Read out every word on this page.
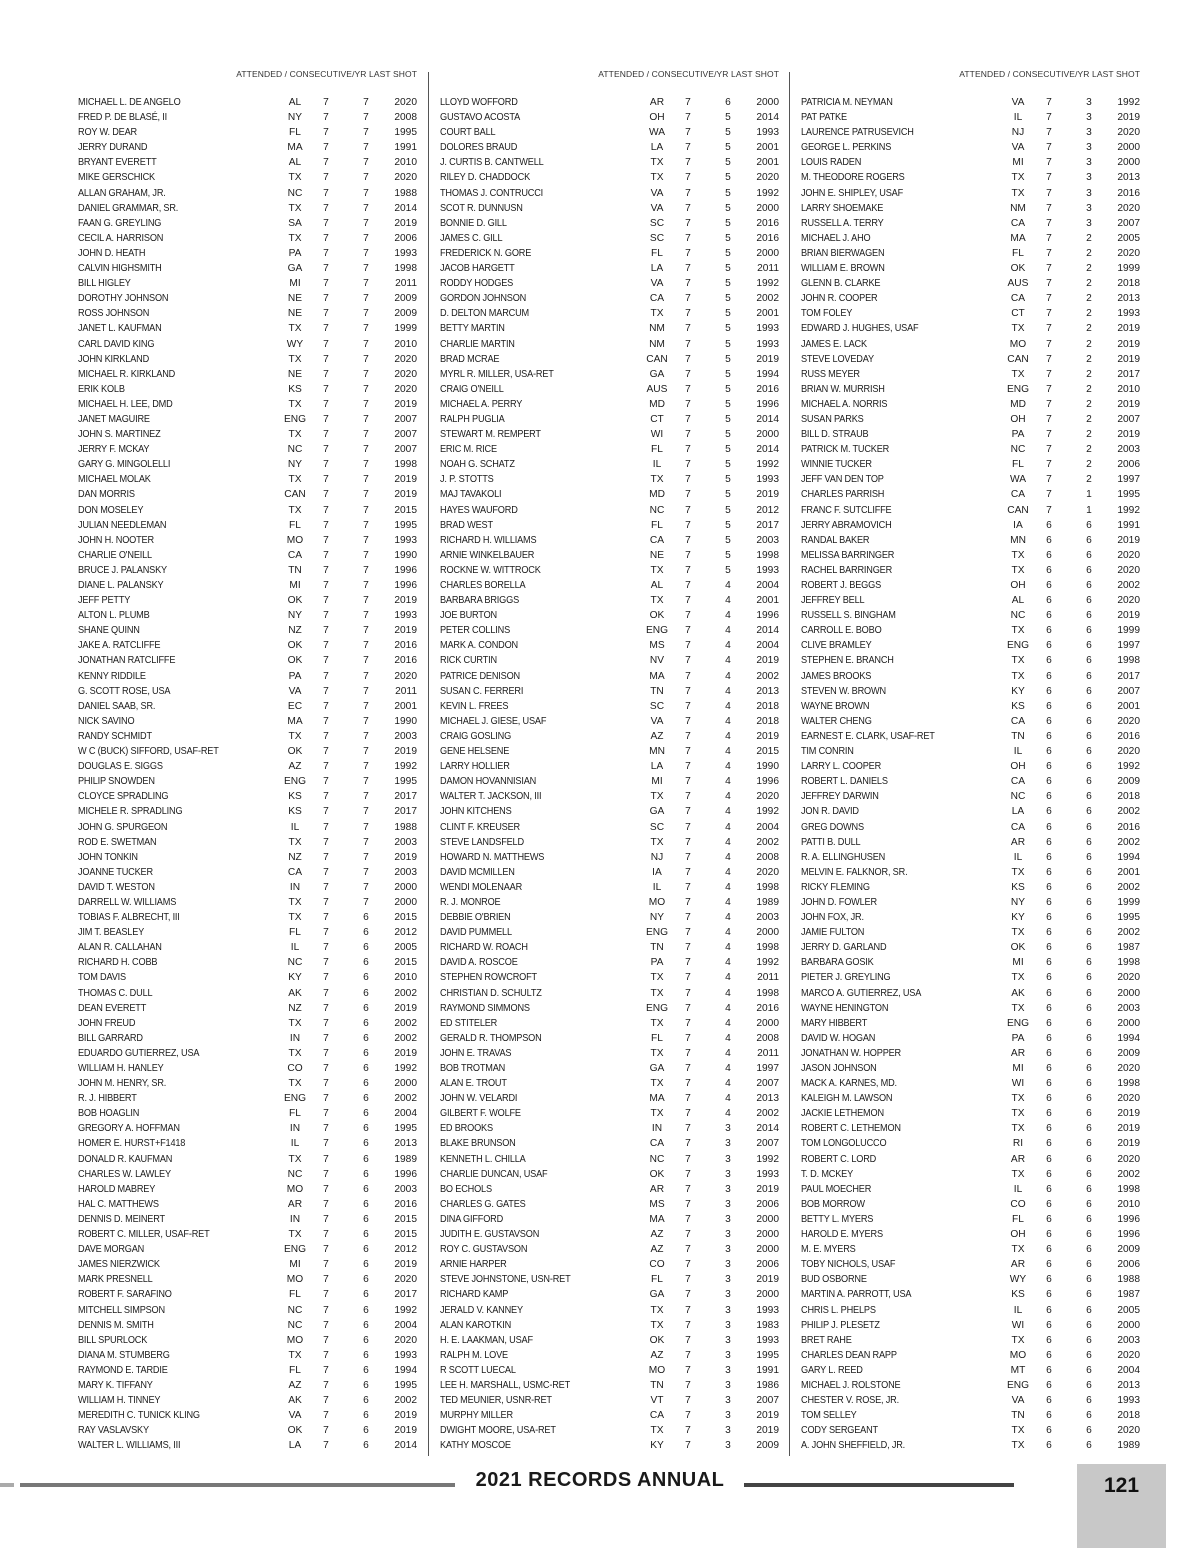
ATTENDED / CONSECUTIVE/YR LAST SHOT
MICHAEL L. DE ANGELO	AL	7	7	2020
FRED P. DE BLASÉ, II	NY	7	7	2008
ROY W. DEAR	FL	7	7	1995
JERRY DURAND	MA	7	7	1991
BRYANT EVERETT	AL	7	7	2010
MIKE GERSCHICK	TX	7	7	2020
ALLAN GRAHAM, JR.	NC	7	7	1988
DANIEL GRAMMAR, SR.	TX	7	7	2014
FAAN G. GREYLING	SA	7	7	2019
CECIL A. HARRISON	TX	7	7	2006
JOHN D. HEATH	PA	7	7	1993
CALVIN HIGHSMITH	GA	7	7	1998
BILL HIGLEY	MI	7	7	2011
DOROTHY JOHNSON	NE	7	7	2009
ROSS JOHNSON	NE	7	7	2009
JANET L. KAUFMAN	TX	7	7	1999
CARL DAVID KING	WY	7	7	2010
JOHN KIRKLAND	TX	7	7	2020
MICHAEL R. KIRKLAND	NE	7	7	2020
ERIK KOLB	KS	7	7	2020
MICHAEL H. LEE, DMD	TX	7	7	2019
JANET MAGUIRE	ENG	7	7	2007
JOHN S. MARTINEZ	TX	7	7	2007
JERRY F. MCKAY	NC	7	7	2007
GARY G. MINGOLELLI	NY	7	7	1998
MICHAEL MOLAK	TX	7	7	2019
DAN MORRIS	CAN	7	7	2019
DON MOSELEY	TX	7	7	2015
JULIAN NEEDLEMAN	FL	7	7	1995
JOHN H. NOOTER	MO	7	7	1993
CHARLIE O'NEILL	CA	7	7	1990
BRUCE J. PALANSKY	TN	7	7	1996
DIANE L. PALANSKY	MI	7	7	1996
JEFF PETTY	OK	7	7	2019
ALTON L. PLUMB	NY	7	7	1993
SHANE QUINN	NZ	7	7	2019
JAKE A. RATCLIFFE	OK	7	7	2016
JONATHAN RATCLIFFE	OK	7	7	2016
KENNY RIDDILE	PA	7	7	2020
G. SCOTT ROSE, USA	VA	7	7	2011
DANIEL SAAB, SR.	EC	7	7	2001
NICK SAVINO	MA	7	7	1990
RANDY SCHMIDT	TX	7	7	2003
W C (BUCK) SIFFORD, USAF-RET	OK	7	7	2019
DOUGLAS E. SIGGS	AZ	7	7	1992
PHILIP SNOWDEN	ENG	7	7	1995
CLOYCE SPRADLING	KS	7	7	2017
MICHELE R. SPRADLING	KS	7	7	2017
JOHN G. SPURGEON	IL	7	7	1988
ROD E. SWETMAN	TX	7	7	2003
JOHN TONKIN	NZ	7	7	2019
JOANNE TUCKER	CA	7	7	2003
DAVID T. WESTON	IN	7	7	2000
DARRELL W. WILLIAMS	TX	7	7	2000
TOBIAS F. ALBRECHT, III	TX	7	6	2015
JIM T. BEASLEY	FL	7	6	2012
ALAN R. CALLAHAN	IL	7	6	2005
RICHARD H. COBB	NC	7	6	2015
TOM DAVIS	KY	7	6	2010
THOMAS C. DULL	AK	7	6	2002
DEAN EVERETT	NZ	7	6	2019
JOHN FREUD	TX	7	6	2002
BILL GARRARD	IN	7	6	2002
EDUARDO GUTIERREZ, USA	TX	7	6	2019
WILLIAM H. HANLEY	CO	7	6	1992
JOHN M. HENRY, SR.	TX	7	6	2000
R. J. HIBBERT	ENG	7	6	2002
BOB HOAGLIN	FL	7	6	2004
GREGORY A. HOFFMAN	IN	7	6	1995
HOMER E. HURST+F1418	IL	7	6	2013
DONALD R. KAUFMAN	TX	7	6	1989
CHARLES W. LAWLEY	NC	7	6	1996
HAROLD MABREY	MO	7	6	2003
HAL C. MATTHEWS	AR	7	6	2016
DENNIS D. MEINERT	IN	7	6	2015
ROBERT C. MILLER, USAF-RET	TX	7	6	2015
DAVE MORGAN	ENG	7	6	2012
JAMES NIERZWICK	MI	7	6	2019
MARK PRESNELL	MO	7	6	2020
ROBERT F. SARAFINO	FL	7	6	2017
MITCHELL SIMPSON	NC	7	6	1992
DENNIS M. SMITH	NC	7	6	2004
BILL SPURLOCK	MO	7	6	2020
DIANA M. STUMBERG	TX	7	6	1993
RAYMOND E. TARDIE	FL	7	6	1994
MARY K. TIFFANY	AZ	7	6	1995
WILLIAM H. TINNEY	AK	7	6	2002
MEREDITH C. TUNICK KLING	VA	7	6	2019
RAY VASLAVSKY	OK	7	6	2019
WALTER L. WILLIAMS, III	LA	7	6	2014
ATTENDED / CONSECUTIVE/YR LAST SHOT
LLOYD WOFFORD	AR	7	6	2000
GUSTAVO ACOSTA	OH	7	5	2014
COURT BALL	WA	7	5	1993
DOLORES BRAUD	LA	7	5	2001
J. CURTIS B. CANTWELL	TX	7	5	2001
RILEY D. CHADDOCK	TX	7	5	2020
THOMAS J. CONTRUCCI	VA	7	5	1992
SCOT R. DUNNUSN	VA	7	5	2000
BONNIE D. GILL	SC	7	5	2016
JAMES C. GILL	SC	7	5	2016
FREDERICK N. GORE	FL	7	5	2000
JACOB HARGETT	LA	7	5	2011
RODDY HODGES	VA	7	5	1992
GORDON JOHNSON	CA	7	5	2002
D. DELTON MARCUM	TX	7	5	2001
BETTY MARTIN	NM	7	5	1993
CHARLIE MARTIN	NM	7	5	1993
BRAD MCRAE	CAN	7	5	2019
MYRL R. MILLER, USA-RET	GA	7	5	1994
CRAIG O'NEILL	AUS	7	5	2016
MICHAEL A. PERRY	MD	7	5	1996
RALPH PUGLIA	CT	7	5	2014
STEWART M. REMPERT	WI	7	5	2000
ERIC M. RICE	FL	7	5	2014
NOAH G. SCHATZ	IL	7	5	1992
J. P. STOTTS	TX	7	5	1993
MAJ TAVAKOLI	MD	7	5	2019
HAYES WAUFORD	NC	7	5	2012
BRAD WEST	FL	7	5	2017
RICHARD H. WILLIAMS	CA	7	5	2003
ARNIE WINKELBAUER	NE	7	5	1998
ROCKNE W. WITTROCK	TX	7	5	1993
CHARLES BORELLA	AL	7	4	2004
BARBARA BRIGGS	TX	7	4	2001
JOE BURTON	OK	7	4	1996
PETER COLLINS	ENG	7	4	2014
MARK A. CONDON	MS	7	4	2004
RICK CURTIN	NV	7	4	2019
PATRICE DENISON	MA	7	4	2002
SUSAN C. FERRERI	TN	7	4	2013
KEVIN L. FREES	SC	7	4	2018
MICHAEL J. GIESE, USAF	VA	7	4	2018
CRAIG GOSLING	AZ	7	4	2019
GENE HELSENE	MN	7	4	2015
LARRY HOLLIER	LA	7	4	1990
DAMON HOVANNISIAN	MI	7	4	1996
WALTER T. JACKSON, III	TX	7	4	2020
JOHN KITCHENS	GA	7	4	1992
CLINT F. KREUSER	SC	7	4	2004
STEVE LANDSFELD	TX	7	4	2002
HOWARD N. MATTHEWS	NJ	7	4	2008
DAVID MCMILLEN	IA	7	4	2020
WENDI MOLENAAR	IL	7	4	1998
R. J. MONROE	MO	7	4	1989
DEBBIE O'BRIEN	NY	7	4	2003
DAVID PUMMELL	ENG	7	4	2000
RICHARD W. ROACH	TN	7	4	1998
DAVID A. ROSCOE	PA	7	4	1992
STEPHEN ROWCROFT	TX	7	4	2011
CHRISTIAN D. SCHULTZ	TX	7	4	1998
RAYMOND SIMMONS	ENG	7	4	2016
ED STITELER	TX	7	4	2000
GERALD R. THOMPSON	FL	7	4	2008
JOHN E. TRAVAS	TX	7	4	2011
BOB TROTMAN	GA	7	4	1997
ALAN E. TROUT	TX	7	4	2007
JOHN W. VELARDI	MA	7	4	2013
GILBERT F. WOLFE	TX	7	4	2002
ED BROOKS	IN	7	3	2014
BLAKE BRUNSON	CA	7	3	2007
KENNETH L. CHILLA	NC	7	3	1992
CHARLIE DUNCAN, USAF	OK	7	3	1993
BO ECHOLS	AR	7	3	2019
CHARLES G. GATES	MS	7	3	2006
DINA GIFFORD	MA	7	3	2000
JUDITH E. GUSTAVSON	AZ	7	3	2000
ROY C. GUSTAVSON	AZ	7	3	2000
ARNIE HARPER	CO	7	3	2006
STEVE JOHNSTONE, USN-RET	FL	7	3	2019
RICHARD KAMP	GA	7	3	2000
JERALD V. KANNEY	TX	7	3	1993
ALAN KAROTKIN	TX	7	3	1983
H. E. LAAKMAN, USAF	OK	7	3	1993
RALPH M. LOVE	AZ	7	3	1995
R SCOTT LUECAL	MO	7	3	1991
LEE H. MARSHALL, USMC-RET	TN	7	3	1986
TED MEUNIER, USNR-RET	VT	7	3	2007
MURPHY MILLER	CA	7	3	2019
DWIGHT MOORE, USA-RET	TX	7	3	2019
KATHY MOSCOE	KY	7	3	2009
ATTENDED / CONSECUTIVE/YR LAST SHOT
PATRICIA M. NEYMAN	VA	7	3	1992
PAT PATKE	IL	7	3	2019
LAURENCE PATRUSEVICH	NJ	7	3	2020
GEORGE L. PERKINS	VA	7	3	2000
LOUIS RADEN	MI	7	3	2000
M. THEODORE ROGERS	TX	7	3	2013
JOHN E. SHIPLEY, USAF	TX	7	3	2016
LARRY SHOEMAKE	NM	7	3	2020
RUSSELL A. TERRY	CA	7	3	2007
MICHAEL J. AHO	MA	7	2	2005
BRIAN BIERWAGEN	FL	7	2	2020
WILLIAM E. BROWN	OK	7	2	1999
GLENN B. CLARKE	AUS	7	2	2018
JOHN R. COOPER	CA	7	2	2013
TOM FOLEY	CT	7	2	1993
EDWARD J. HUGHES, USAF	TX	7	2	2019
JAMES E. LACK	MO	7	2	2019
STEVE LOVEDAY	CAN	7	2	2019
RUSS MEYER	TX	7	2	2017
BRIAN W. MURRISH	ENG	7	2	2010
MICHAEL A. NORRIS	MD	7	2	2019
SUSAN PARKS	OH	7	2	2007
BILL D. STRAUB	PA	7	2	2019
PATRICK M. TUCKER	NC	7	2	2003
WINNIE TUCKER	FL	7	2	2006
JEFF VAN DEN TOP	WA	7	2	1997
CHARLES PARRISH	CA	7	1	1995
FRANC F. SUTCLIFFE	CAN	7	1	1992
JERRY ABRAMOVICH	IA	6	6	1991
RANDAL BAKER	MN	6	6	2019
MELISSA BARRINGER	TX	6	6	2020
RACHEL BARRINGER	TX	6	6	2020
ROBERT J. BEGGS	OH	6	6	2002
JEFFREY BELL	AL	6	6	2020
RUSSELL S. BINGHAM	NC	6	6	2019
CARROLL E. BOBO	TX	6	6	1999
CLIVE BRAMLEY	ENG	6	6	1997
STEPHEN E. BRANCH	TX	6	6	1998
JAMES BROOKS	TX	6	6	2017
STEVEN W. BROWN	KY	6	6	2007
WAYNE BROWN	KS	6	6	2001
WALTER CHENG	CA	6	6	2020
EARNEST E. CLARK, USAF-RET	TN	6	6	2016
TIM CONRIN	IL	6	6	2020
LARRY L. COOPER	OH	6	6	1992
ROBERT L. DANIELS	CA	6	6	2009
JEFFREY DARWIN	NC	6	6	2018
JON R. DAVID	LA	6	6	2002
GREG DOWNS	CA	6	6	2016
PATTI B. DULL	AR	6	6	2002
R. A. ELLINGHUSEN	IL	6	6	1994
MELVIN E. FALKNOR, SR.	TX	6	6	2001
RICKY FLEMING	KS	6	6	2002
JOHN D. FOWLER	NY	6	6	1999
JOHN FOX, JR.	KY	6	6	1995
JAMIE FULTON	TX	6	6	2002
JERRY D. GARLAND	OK	6	6	1987
BARBARA GOSIK	MI	6	6	1998
PIETER J. GREYLING	TX	6	6	2020
MARCO A. GUTIERREZ, USA	AK	6	6	2000
WAYNE HENINGTON	TX	6	6	2003
MARY HIBBERT	ENG	6	6	2000
DAVID W. HOGAN	PA	6	6	1994
JONATHAN W. HOPPER	AR	6	6	2009
JASON JOHNSON	MI	6	6	2020
MACK A. KARNES, MD.	WI	6	6	1998
KALEIGH M. LAWSON	TX	6	6	2020
JACKIE LETHEMON	TX	6	6	2019
ROBERT C. LETHEMON	TX	6	6	2019
TOM LONGOLUCCO	RI	6	6	2019
ROBERT C. LORD	AR	6	6	2020
T. D. MCKEY	TX	6	6	2002
PAUL MOECHER	IL	6	6	1998
BOB MORROW	CO	6	6	2010
BETTY L. MYERS	FL	6	6	1996
HAROLD E. MYERS	OH	6	6	1996
M. E. MYERS	TX	6	6	2009
TOBY NICHOLS, USAF	AR	6	6	2006
BUD OSBORNE	WY	6	6	1988
MARTIN A. PARROTT, USA	KS	6	6	1987
CHRIS L. PHELPS	IL	6	6	2005
PHILIP J. PLESETZ	WI	6	6	2000
BRET RAHE	TX	6	6	2003
CHARLES DEAN RAPP	MO	6	6	2020
GARY L. REED	MT	6	6	2004
MICHAEL J. ROLSTONE	ENG	6	6	2013
CHESTER V. ROSE, JR.	VA	6	6	1993
TOM SELLEY	TN	6	6	2018
CODY SERGEANT	TX	6	6	2020
A. JOHN SHEFFIELD, JR.	TX	6	6	1989
2021 RECORDS ANNUAL	121
